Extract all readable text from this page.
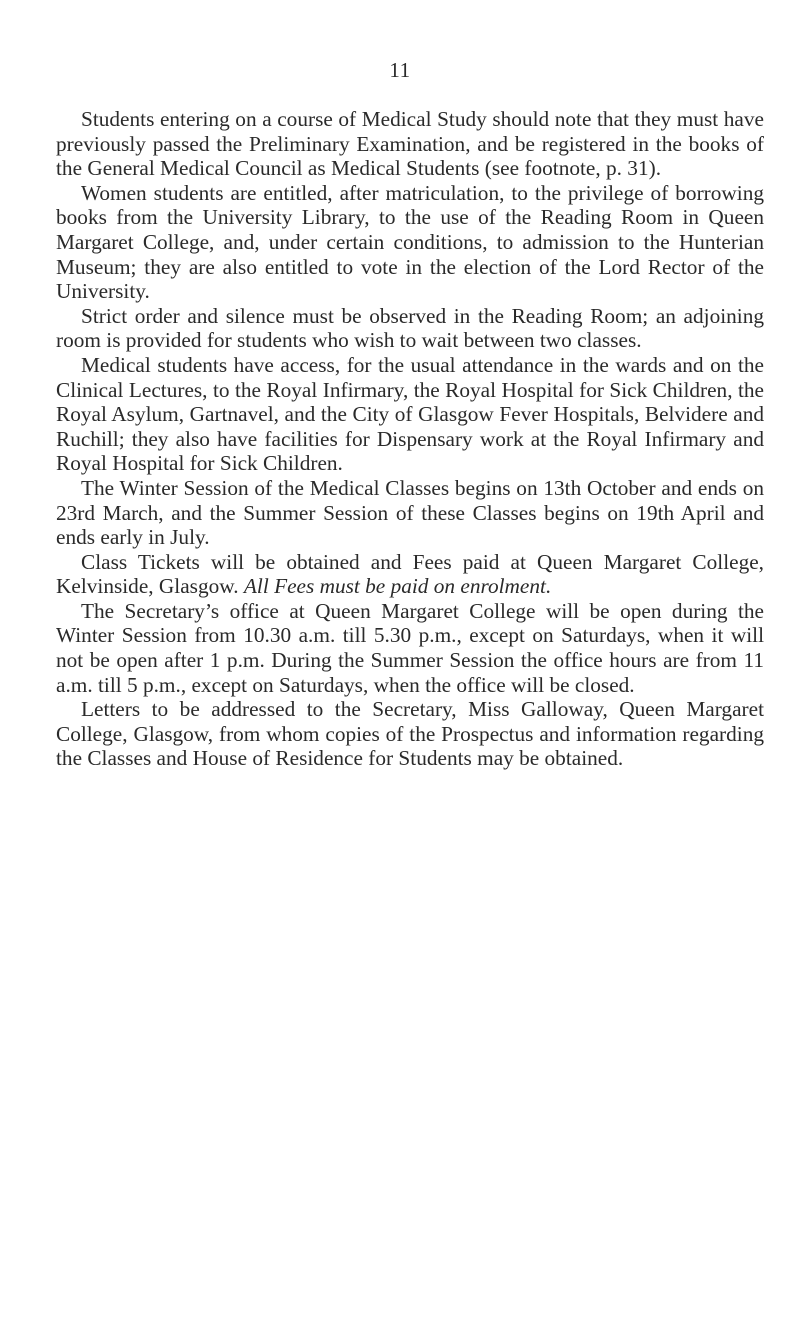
11

Students entering on a course of Medical Study should note that they must have previously passed the Preliminary Examination, and be registered in the books of the General Medical Council as Medical Students (see footnote, p. 31).

Women students are entitled, after matriculation, to the privilege of borrowing books from the University Library, to the use of the Reading Room in Queen Margaret College, and, under certain conditions, to admission to the Hunterian Museum; they are also entitled to vote in the election of the Lord Rector of the University.

Strict order and silence must be observed in the Reading Room; an adjoining room is provided for students who wish to wait between two classes.

Medical students have access, for the usual attendance in the wards and on the Clinical Lectures, to the Royal Infirmary, the Royal Hospital for Sick Children, the Royal Asylum, Gartnavel, and the City of Glasgow Fever Hospitals, Belvidere and Ruchill; they also have facilities for Dispensary work at the Royal Infirmary and Royal Hospital for Sick Children.

The Winter Session of the Medical Classes begins on 13th October and ends on 23rd March, and the Summer Session of these Classes begins on 19th April and ends early in July.

Class Tickets will be obtained and Fees paid at Queen Margaret College, Kelvinside, Glasgow. All Fees must be paid on enrolment.

The Secretary’s office at Queen Margaret College will be open during the Winter Session from 10.30 a.m. till 5.30 p.m., except on Saturdays, when it will not be open after 1 p.m. During the Summer Session the office hours are from 11 a.m. till 5 p.m., except on Saturdays, when the office will be closed.

Letters to be addressed to the Secretary, Miss Galloway, Queen Margaret College, Glasgow, from whom copies of the Prospectus and information regarding the Classes and House of Residence for Students may be obtained.
